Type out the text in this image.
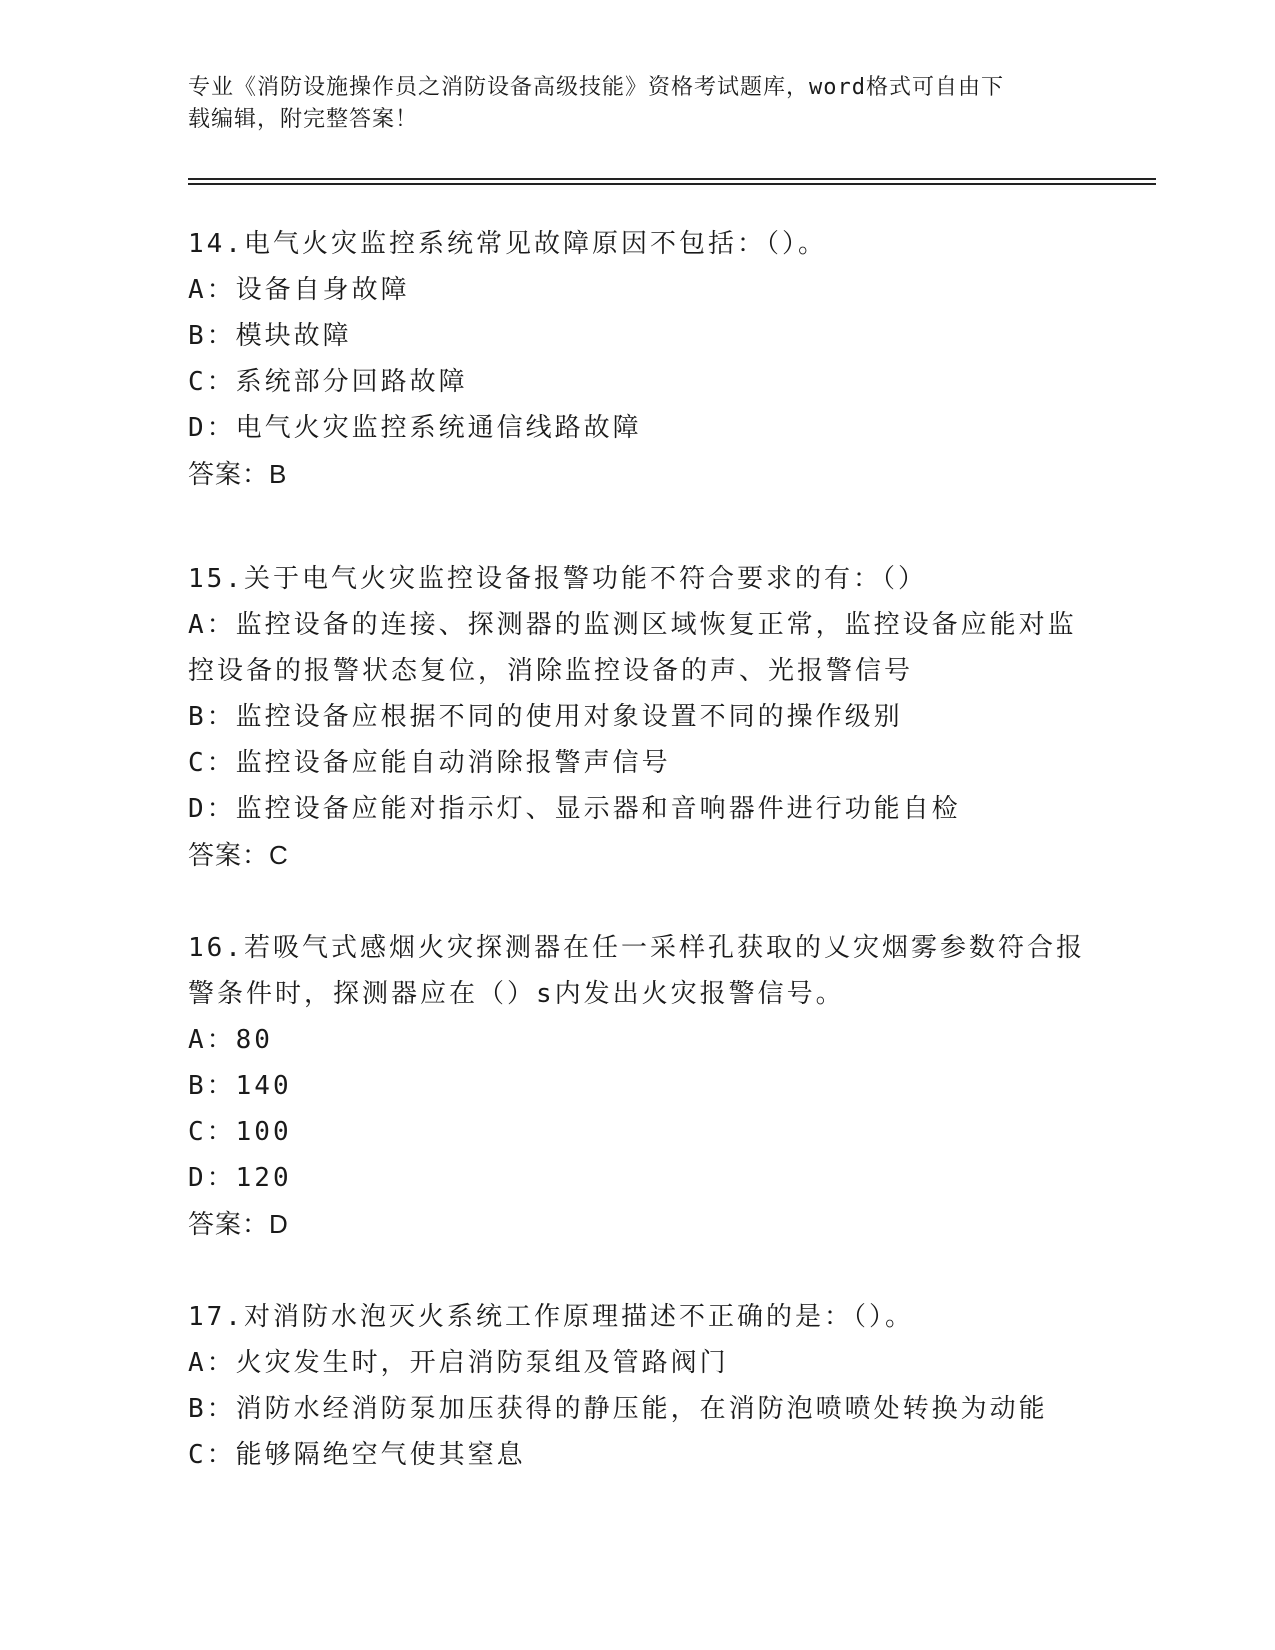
专业《消防设施操作员之消防设备高级技能》资格考试题库，word格式可自由下
载编辑，附完整答案！
14.电气火灾监控系统常见故障原因不包括：（）。
A：设备自身故障
B：模块故障
C：系统部分回路故障
D：电气火灾监控系统通信线路故障
答案：B
15.关于电气火灾监控设备报警功能不符合要求的有：（）
A：监控设备的连接、探测器的监测区域恢复正常，监控设备应能对监
控设备的报警状态复位，消除监控设备的声、光报警信号
B：监控设备应根据不同的使用对象设置不同的操作级别
C：监控设备应能自动消除报警声信号
D：监控设备应能对指示灯、显示器和音响器件进行功能自检
答案：C
16.若吸气式感烟火灾探测器在任一采样孔获取的乂灾烟雾参数符合报
警条件时，探测器应在（）s内发出火灾报警信号。
A：80
B：140
C：100
D：120
答案：D
17.对消防水泡灭火系统工作原理描述不正确的是：（）。
A：火灾发生时，开启消防泵组及管路阀门
B：消防水经消防泵加压获得的静压能，在消防泡喷喷处转换为动能
C：能够隔绝空气使其窒息
